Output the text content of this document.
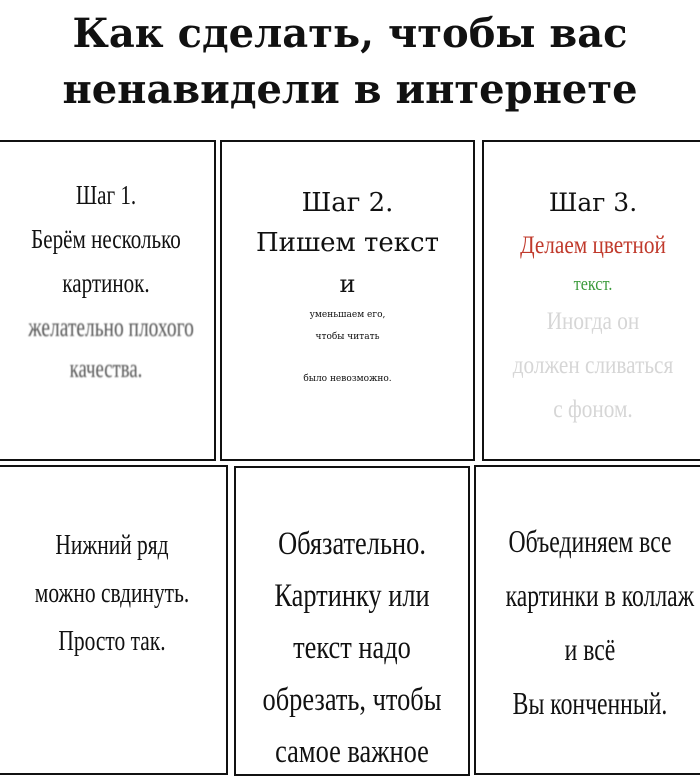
Как сделать, чтобы вас
ненавидели в интернете
Шаг 1.
Берём несколько
картинок.
желательно плохого
качества.
Шаг 2.
Пишем текст
и
уменьшаем его,
чтобы читать
было невозможно.
Шаг 3.
Делаем цветной
текст.
Иногда он
должен сливаться
с фоном.
Нижний ряд
можно свдинуть.
Просто так.
Обязательно.
Картинку или
текст надо
обрезать, чтобы
самое важное
Объединяем все
картинки в коллаж
и всё
Вы конченный.
